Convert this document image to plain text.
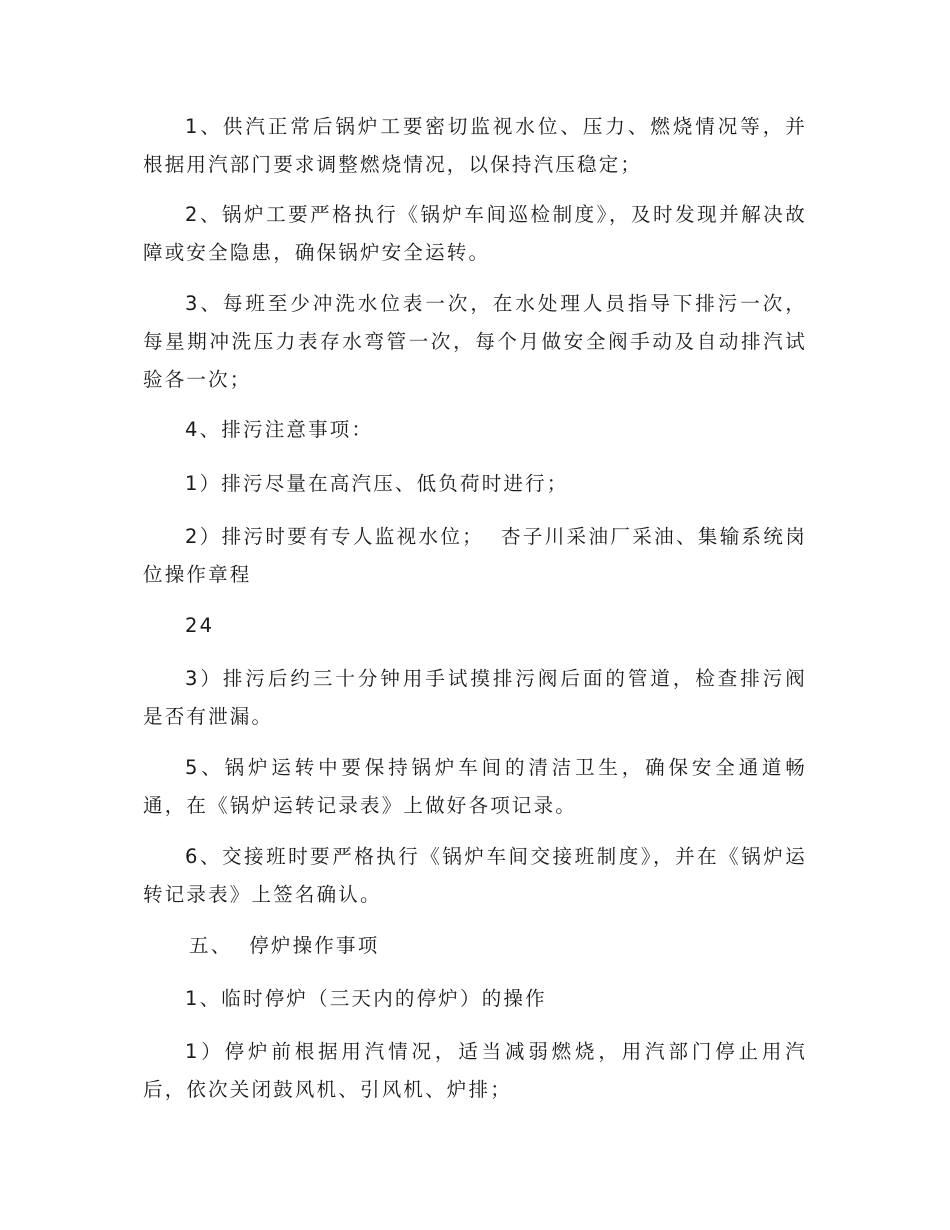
1、供汽正常后锅炉工要密切监视水位、压力、燃烧情况等，并根据用汽部门要求调整燃烧情况，以保持汽压稳定；

2、锅炉工要严格执行《锅炉车间巡检制度》，及时发现并解决故障或安全隐患，确保锅炉安全运转。

3、每班至少冲洗水位表一次，在水处理人员指导下排污一次，每星期冲洗压力表存水弯管一次，每个月做安全阀手动及自动排汽试验各一次；

4、排污注意事项：

1）排污尽量在高汽压、低负荷时进行；

2）排污时要有专人监视水位；  杏子川采油厂采油、集输系统岗位操作章程

24

3）排污后约三十分钟用手试摸排污阀后面的管道，检查排污阀是否有泄漏。

5、锅炉运转中要保持锅炉车间的清洁卫生，确保安全通道畅通，在《锅炉运转记录表》上做好各项记录。

6、交接班时要严格执行《锅炉车间交接班制度》，并在《锅炉运转记录表》上签名确认。

五、  停炉操作事项

1、临时停炉（三天内的停炉）的操作

1）停炉前根据用汽情况，适当减弱燃烧，用汽部门停止用汽后，依次关闭鼓风机、引风机、炉排；
